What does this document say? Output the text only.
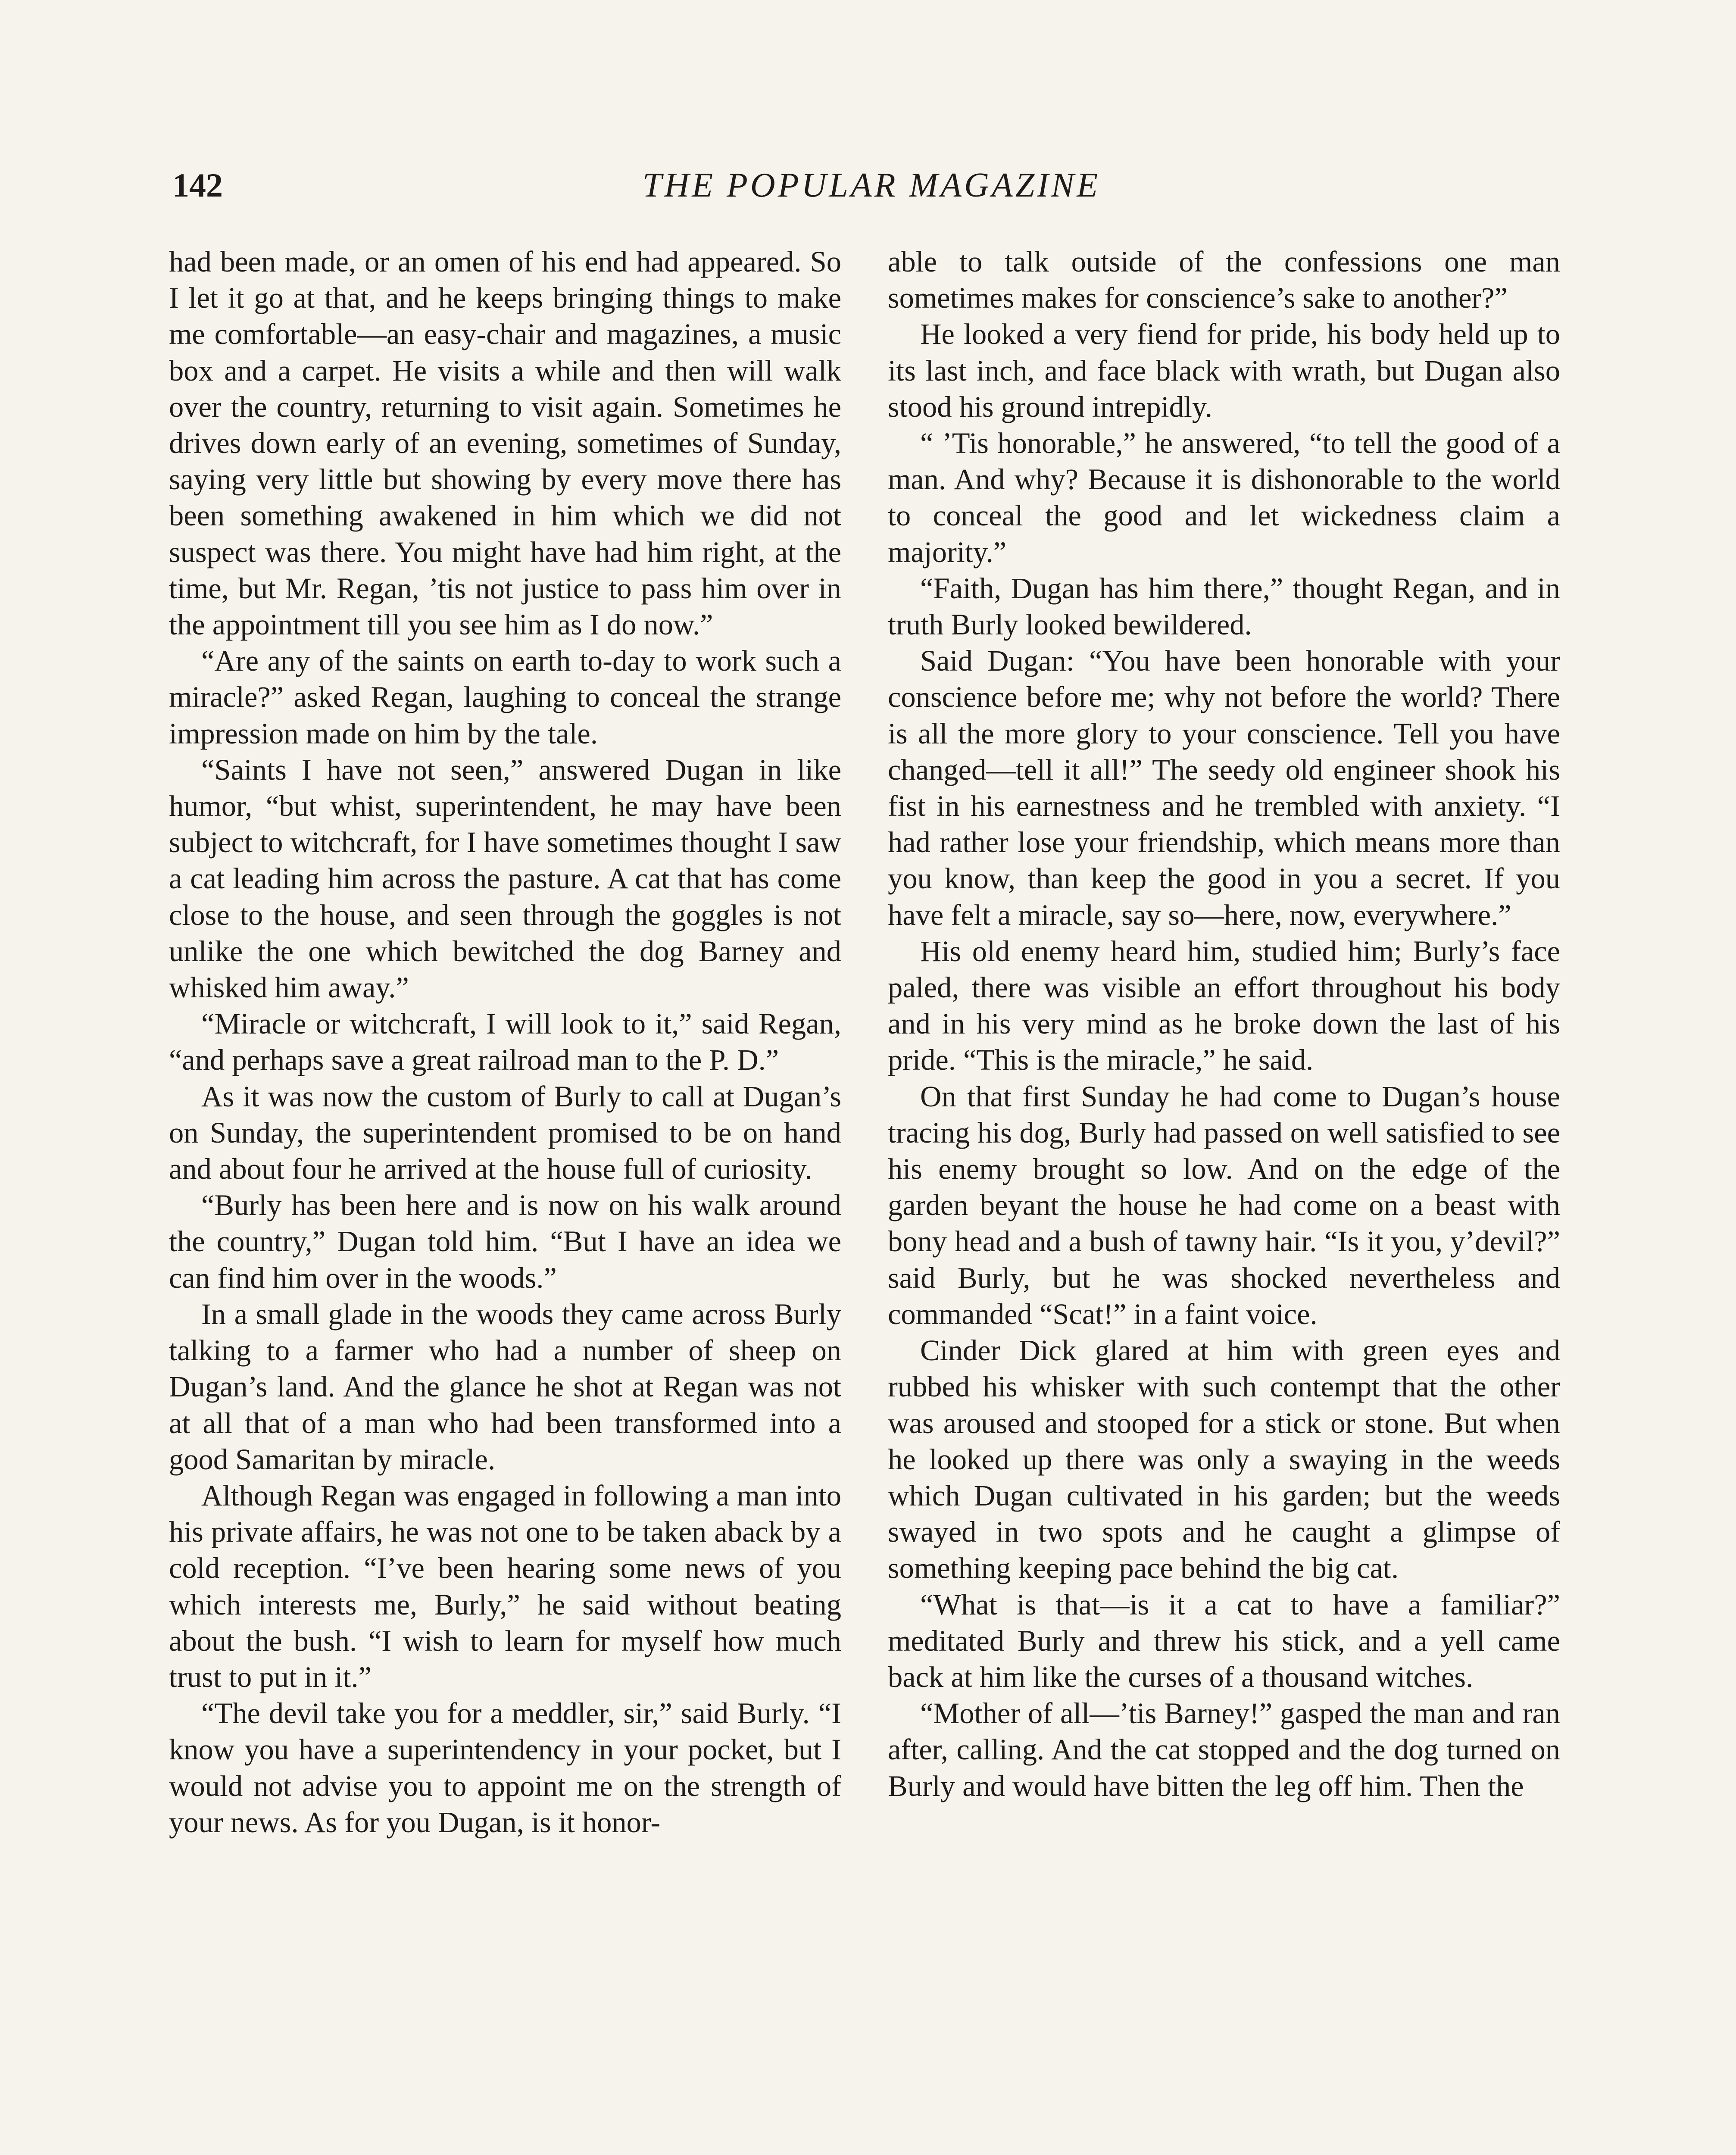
142	THE POPULAR MAGAZINE

had been made, or an omen of his end had appeared. So I let it go at that, and he keeps bringing things to make me comfortable—an easy-chair and magazines, a music box and a carpet. He visits a while and then will walk over the country, returning to visit again. Sometimes he drives down early of an evening, sometimes of Sunday, saying very little but showing by every move there has been something awakened in him which we did not suspect was there. You might have had him right, at the time, but Mr. Regan, ’tis not justice to pass him over in the appointment till you see him as I do now.”

“Are any of the saints on earth to-day to work such a miracle?” asked Regan, laughing to conceal the strange impression made on him by the tale.

“Saints I have not seen,” answered Dugan in like humor, “but whist, superintendent, he may have been subject to witchcraft, for I have sometimes thought I saw a cat leading him across the pasture. A cat that has come close to the house, and seen through the goggles is not unlike the one which bewitched the dog Barney and whisked him away.”

“Miracle or witchcraft, I will look to it,” said Regan, “and perhaps save a great railroad man to the P. D.”

As it was now the custom of Burly to call at Dugan’s on Sunday, the superintendent promised to be on hand and about four he arrived at the house full of curiosity.

“Burly has been here and is now on his walk around the country,” Dugan told him. “But I have an idea we can find him over in the woods.”

In a small glade in the woods they came across Burly talking to a farmer who had a number of sheep on Dugan’s land. And the glance he shot at Regan was not at all that of a man who had been transformed into a good Samaritan by miracle.

Although Regan was engaged in following a man into his private affairs, he was not one to be taken aback by a cold reception. “I’ve been hearing some news of you which interests me, Burly,” he said without beating about the bush. “I wish to learn for myself how much trust to put in it.”

“The devil take you for a meddler, sir,” said Burly. “I know you have a superintendency in your pocket, but I would not advise you to appoint me on the strength of your news. As for you Dugan, is it honor-

able to talk outside of the confessions one man sometimes makes for conscience’s sake to another?”

He looked a very fiend for pride, his body held up to its last inch, and face black with wrath, but Dugan also stood his ground intrepidly.

“ ’Tis honorable,” he answered, “to tell the good of a man. And why? Because it is dishonorable to the world to conceal the good and let wickedness claim a majority.”

“Faith, Dugan has him there,” thought Regan, and in truth Burly looked bewildered.

Said Dugan: “You have been honorable with your conscience before me; why not before the world? There is all the more glory to your conscience. Tell you have changed—tell it all!” The seedy old engineer shook his fist in his earnestness and he trembled with anxiety. “I had rather lose your friendship, which means more than you know, than keep the good in you a secret. If you have felt a miracle, say so—here, now, everywhere.”

His old enemy heard him, studied him; Burly’s face paled, there was visible an effort throughout his body and in his very mind as he broke down the last of his pride. “This is the miracle,” he said.

On that first Sunday he had come to Dugan’s house tracing his dog, Burly had passed on well satisfied to see his enemy brought so low. And on the edge of the garden beyant the house he had come on a beast with bony head and a bush of tawny hair. “Is it you, y’devil?” said Burly, but he was shocked nevertheless and commanded “Scat!” in a faint voice.

Cinder Dick glared at him with green eyes and rubbed his whisker with such contempt that the other was aroused and stooped for a stick or stone. But when he looked up there was only a swaying in the weeds which Dugan cultivated in his garden; but the weeds swayed in two spots and he caught a glimpse of something keeping pace behind the big cat.

“What is that—is it a cat to have a familiar?” meditated Burly and threw his stick, and a yell came back at him like the curses of a thousand witches.

“Mother of all—’tis Barney!” gasped the man and ran after, calling. And the cat stopped and the dog turned on Burly and would have bitten the leg off him. Then the
